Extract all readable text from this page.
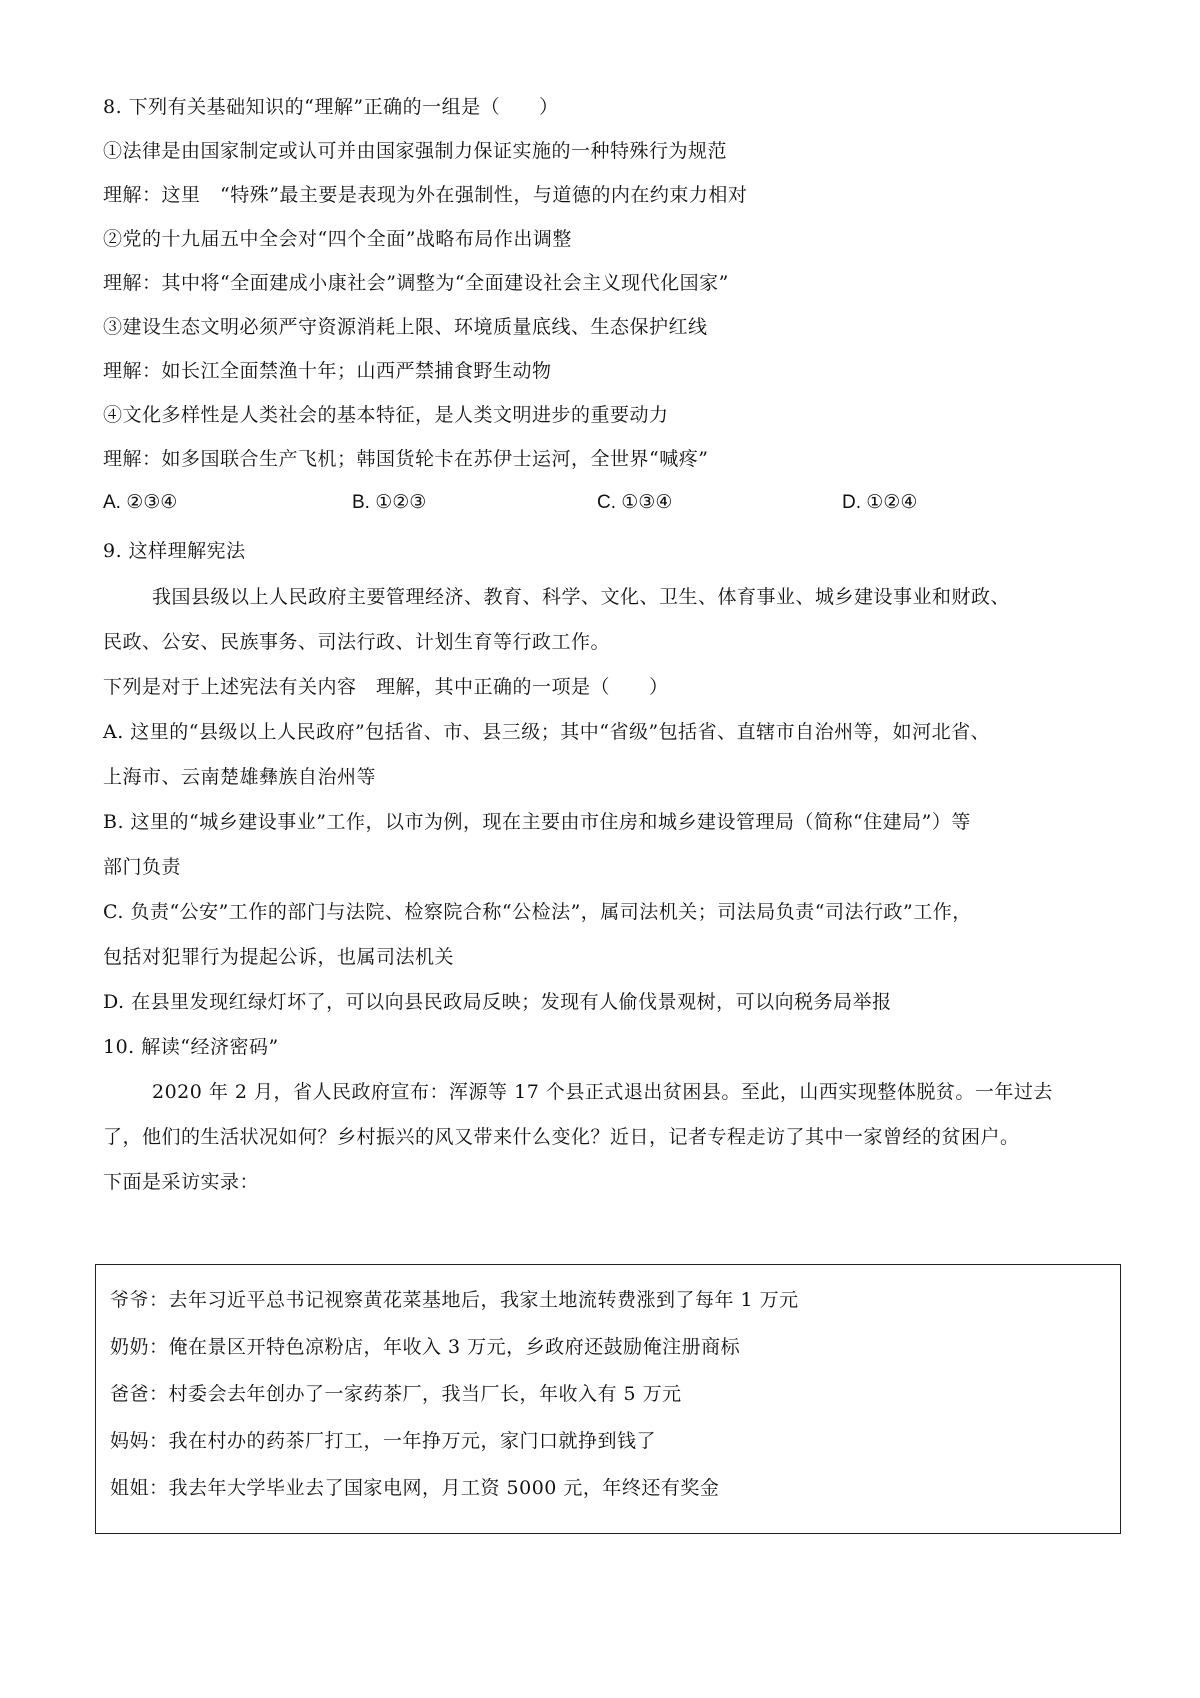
8. 下列有关基础知识的“理解”正确的一组是（　　）
①法律是由国家制定或认可并由国家强制力保证实施的一种特殊行为规范
理解：这里　“特殊”最主要是表现为外在强制性，与道德的内在约束力相对
②党的十九届五中全会对“四个全面”战略布局作出调整
理解：其中将“全面建成小康社会”调整为“全面建设社会主义现代化国家”
③建设生态文明必须严守资源消耗上限、环境质量底线、生态保护红线
理解：如长江全面禁渔十年；山西严禁捕食野生动物
④文化多样性是人类社会的基本特征，是人类文明进步的重要动力
理解：如多国联合生产飞机；韩国货轮卡在苏伊士运河，全世界“喊疼”
A. ②③④	B. ①②③	C. ①③④	D. ①②④
9. 这样理解宪法
我国县级以上人民政府主要管理经济、教育、科学、文化、卫生、体育事业、城乡建设事业和财政、
民政、公安、民族事务、司法行政、计划生育等行政工作。
下列是对于上述宪法有关内容　理解，其中正确的一项是（　　）
A. 这里的“县级以上人民政府”包括省、市、县三级；其中“省级”包括省、直辖市自治州等，如河北省、
上海市、云南楚雄彝族自治州等
B. 这里的“城乡建设事业”工作，以市为例，现在主要由市住房和城乡建设管理局（简称“住建局”）等
部门负责
C. 负责“公安”工作的部门与法院、检察院合称“公检法”，属司法机关；司法局负责“司法行政”工作，
包括对犯罪行为提起公诉，也属司法机关
D. 在县里发现红绿灯坏了，可以向县民政局反映；发现有人偷伐景观树，可以向税务局举报
10. 解读“经济密码”
2020 年 2 月，省人民政府宣布：浑源等 17 个县正式退出贫困县。至此，山西实现整体脱贫。一年过去
了，他们的生活状况如何？乡村振兴的风又带来什么变化？近日，记者专程走访了其中一家曾经的贫困户。
下面是采访实录：
爷爷：去年习近平总书记视察黄花菜基地后，我家土地流转费涨到了每年 1 万元
奶奶：俺在景区开特色凉粉店，年收入 3 万元，乡政府还鼓励俺注册商标
爸爸：村委会去年创办了一家药茶厂，我当厂长，年收入有 5 万元
妈妈：我在村办的药茶厂打工，一年挣万元，家门口就挣到钱了
姐姐：我去年大学毕业去了国家电网，月工资 5000 元，年终还有奖金
